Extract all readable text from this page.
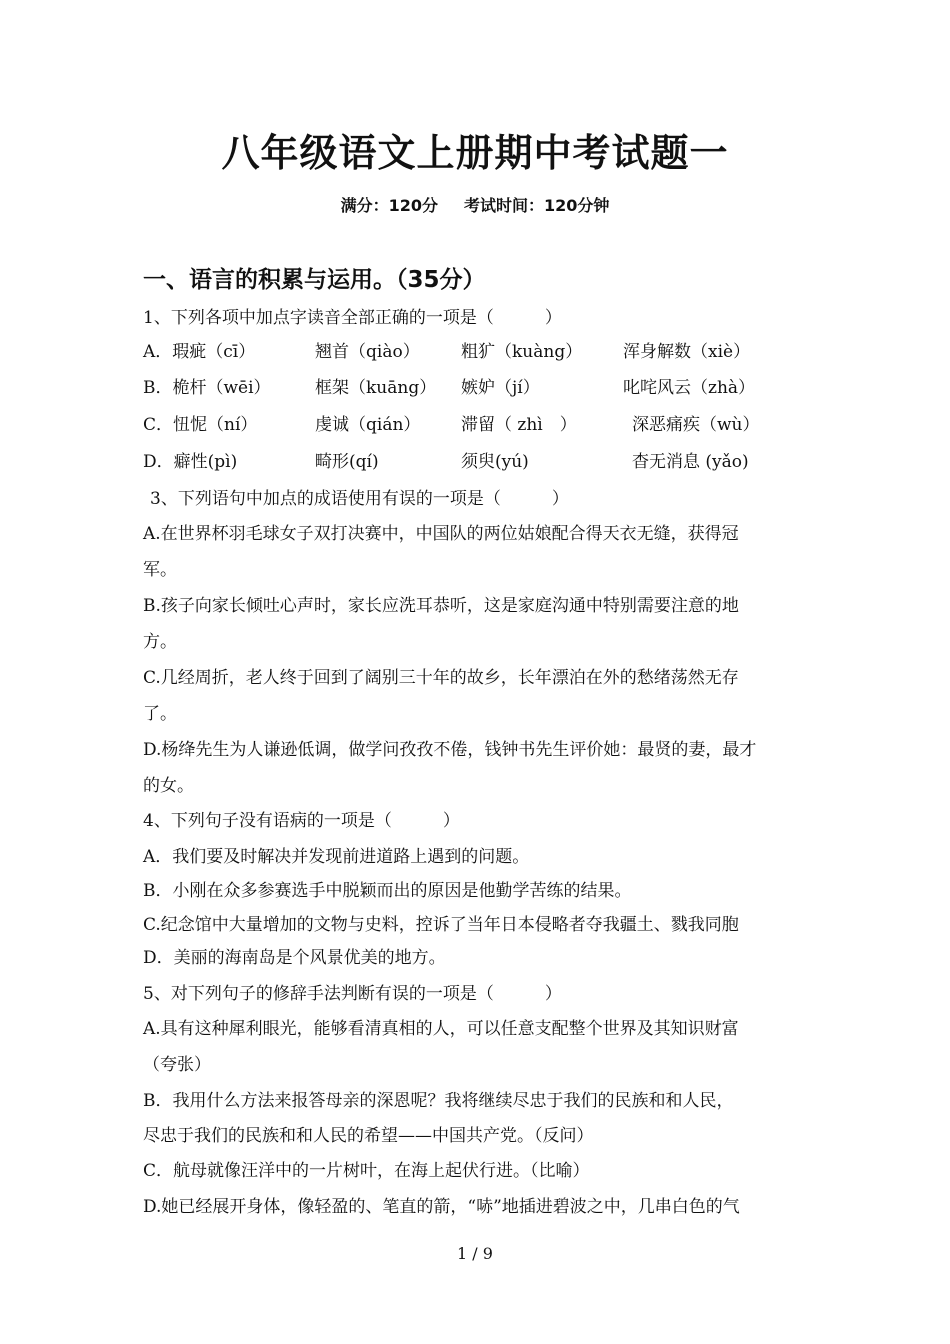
八年级语文上册期中考试题一
满分：120分 考试时间：120分钟
一、语言的积累与运用。（35分）
1、下列各项中加点字读音全部正确的一项是（　　　）
A．瑕疵（cī）	翘首（qiào） 粗犷（kuàng） 浑身解数（xiè）
B．桅杆（wēi）	框架（kuāng） 嫉妒（jí）	叱咤风云（zhà）
C．忸怩（ní）	虔诚（qián） 滞留（ zhì　）	深恶痛疾（wù）
D．癖性(pì)	畸形(qí)	须臾(yú)	杳无消息 (yǎo)
3、下列语句中加点的成语使用有误的一项是（　　　）
A.在世界杯羽毛球女子双打决赛中，中国队的两位姑娘配合得天衣无缝，获得冠
军。
B.孩子向家长倾吐心声时，家长应洗耳恭听，这是家庭沟通中特别需要注意的地
方。
C.几经周折，老人终于回到了阔别三十年的故乡，长年漂泊在外的愁绪荡然无存
了。
D.杨绛先生为人谦逊低调，做学问孜孜不倦，钱钟书先生评价她：最贤的妻，最才
的女。
4、下列句子没有语病的一项是（　　　）
A．我们要及时解决并发现前进道路上遇到的问题。
B．小刚在众多参赛选手中脱颖而出的原因是他勤学苦练的结果。
C.纪念馆中大量增加的文物与史料，控诉了当年日本侵略者夺我疆土、戮我同胞
D．美丽的海南岛是个风景优美的地方。
5、对下列句子的修辞手法判断有误的一项是（　　　）
A.具有这种犀利眼光，能够看清真相的人，可以任意支配整个世界及其知识财富
（夸张）
B．我用什么方法来报答母亲的深恩呢？我将继续尽忠于我们的民族和和人民，
尽忠于我们的民族和和人民的希望——中国共产党。（反问）
C．航母就像汪洋中的一片树叶，在海上起伏行进。（比喻）
D.她已经展开身体，像轻盈的、笔直的箭，“哧”地插进碧波之中，几串白色的气
1 / 9
